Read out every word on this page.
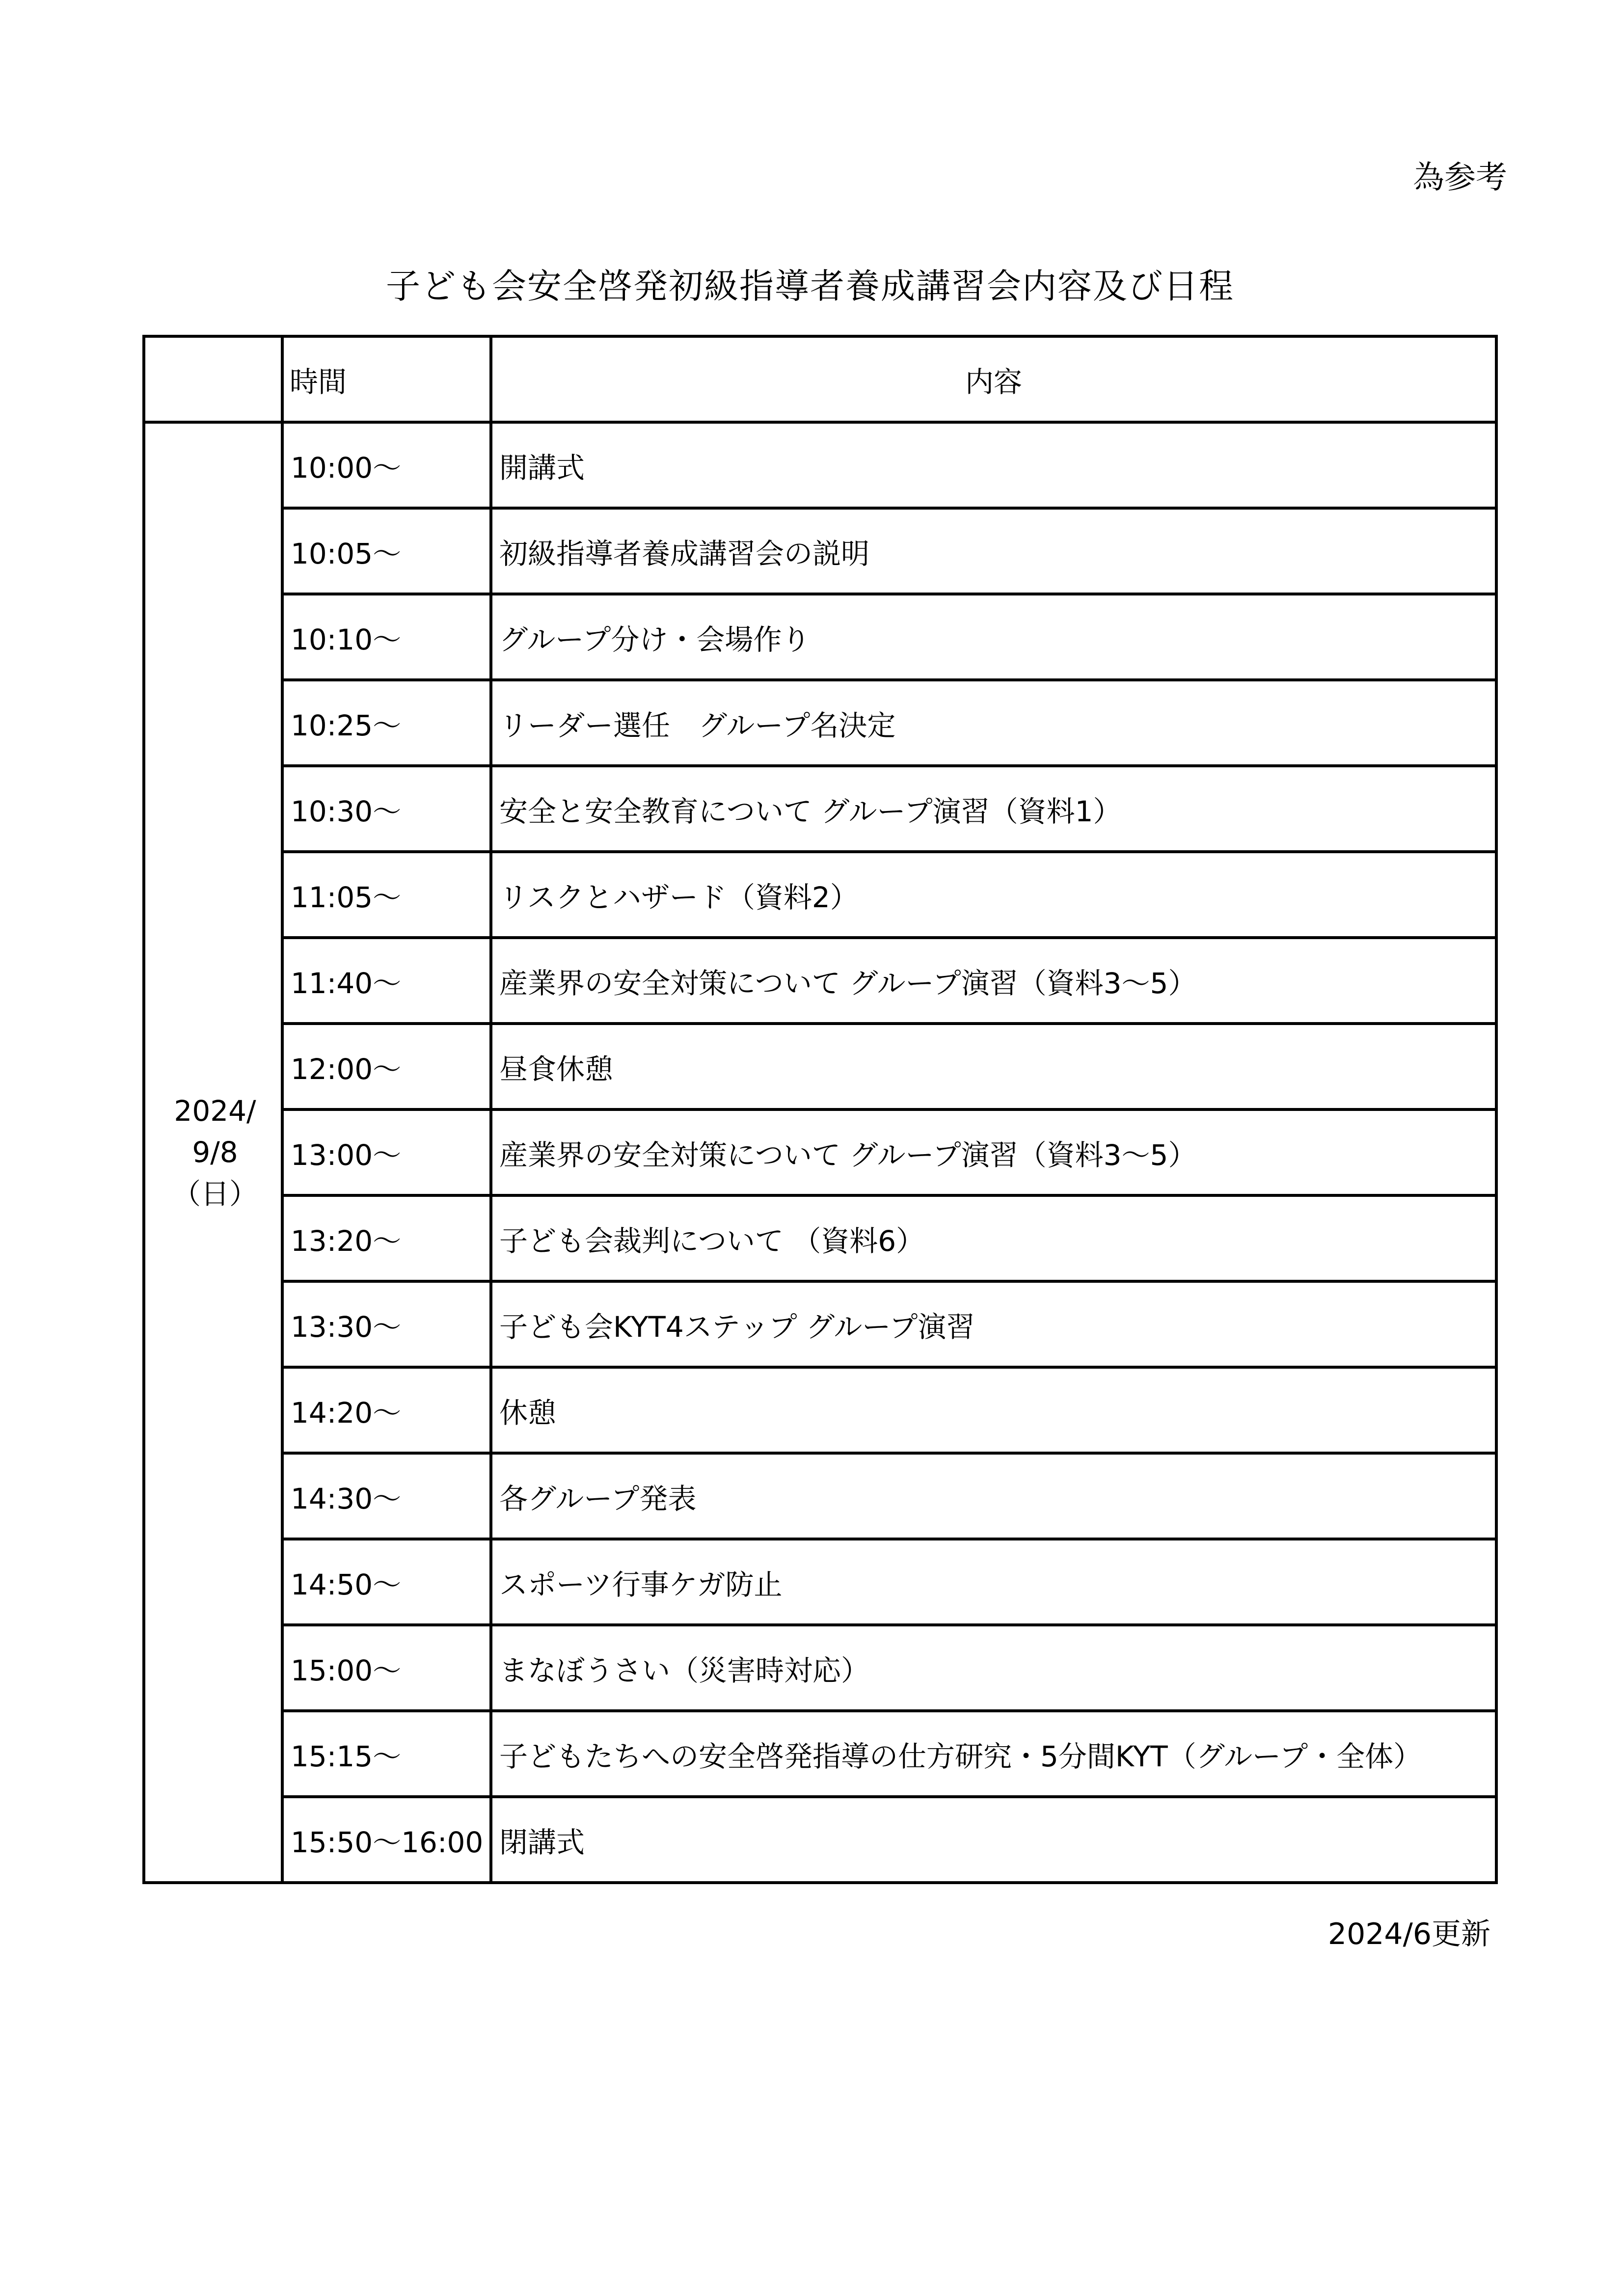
為参考
子ども会安全啓発初級指導者養成講習会内容及び日程
	時間	内容

2024/
9/8
（日）	10:00〜	開講式
	10:05〜	初級指導者養成講習会の説明
	10:10〜	グループ分け・会場作り
	10:25〜	リーダー選任　グループ名決定
	10:30〜	安全と安全教育について グループ演習（資料1）
	11:05〜	リスクとハザード（資料2）
	11:40〜	産業界の安全対策について グループ演習（資料3〜5）
	12:00〜	昼食休憩
	13:00〜	産業界の安全対策について グループ演習（資料3〜5）
	13:20〜	子ども会裁判について （資料6）
	13:30〜	子ども会KYT4ステップ グループ演習
	14:20〜	休憩
	14:30〜	各グループ発表
	14:50〜	スポーツ行事ケガ防止
	15:00〜	まなぼうさい（災害時対応）
	15:15〜	子どもたちへの安全啓発指導の仕方研究・5分間KYT（グループ・全体）
	15:50〜16:00	閉講式
2024/6更新
